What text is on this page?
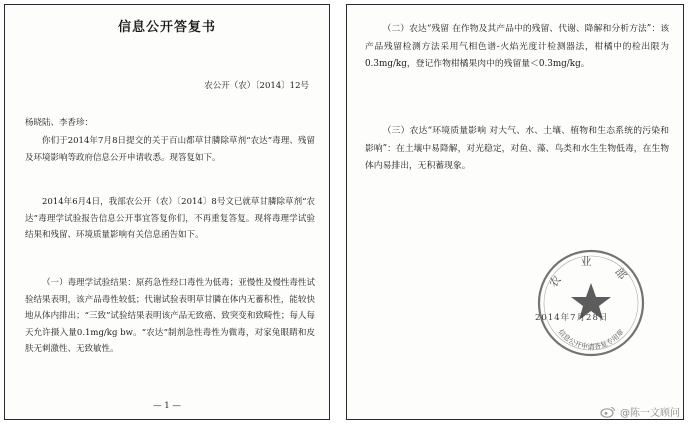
信息公开答复书
农公开（农）〔2014〕12号
杨晓陆、李香珍：

你们于2014年7月8日提交的关于百山都草甘膦除草剂“农达”毒理、残留及环境影响等政府信息公开申请收悉。现答复如下。

2014年6月4日，我部农公开（农）〔2014〕8号文已就草甘膦除草剂“农达”毒理学试验报告信息公开事宜答复你们，不再重复答复。现将毒理学试验结果和残留、环境质量影响有关信息函告如下。

（一）毒理学试验结果：原药急性经口毒性为低毒；亚慢性及慢性毒性试验结果表明，该产品毒性较低；代谢试验表明草甘膦在体内无蓄积性，能较快地从体内排出；“三致”试验结果表明该产品无致癌、致突变和致畸性；每人每天允许摄入量0.1mg/kg bw。“农达”制剂急性毒性为微毒，对家兔眼睛和皮肤无刺激性、无致敏性。

— 1 —

（二）农达“残留 在作物及其产品中的残留、代谢、降解和分析方法”：该产品残留检测方法采用气相色谱-火焰光度计检测器法，柑橘中的检出限为0.3mg/kg，登记作物柑橘果肉中的残留量＜0.3mg/kg。

（三）农达“环境质量影响 对大气、水、土壤、植物和生态系统的污染和影响”：在土壤中易降解，对光稳定，对鱼、藻、鸟类和水生生物低毒，在生物体内易排出，无积蓄现象。

农 业 部
信息公开申请答复专用章
2014年7月28日
@陈一文顾问
